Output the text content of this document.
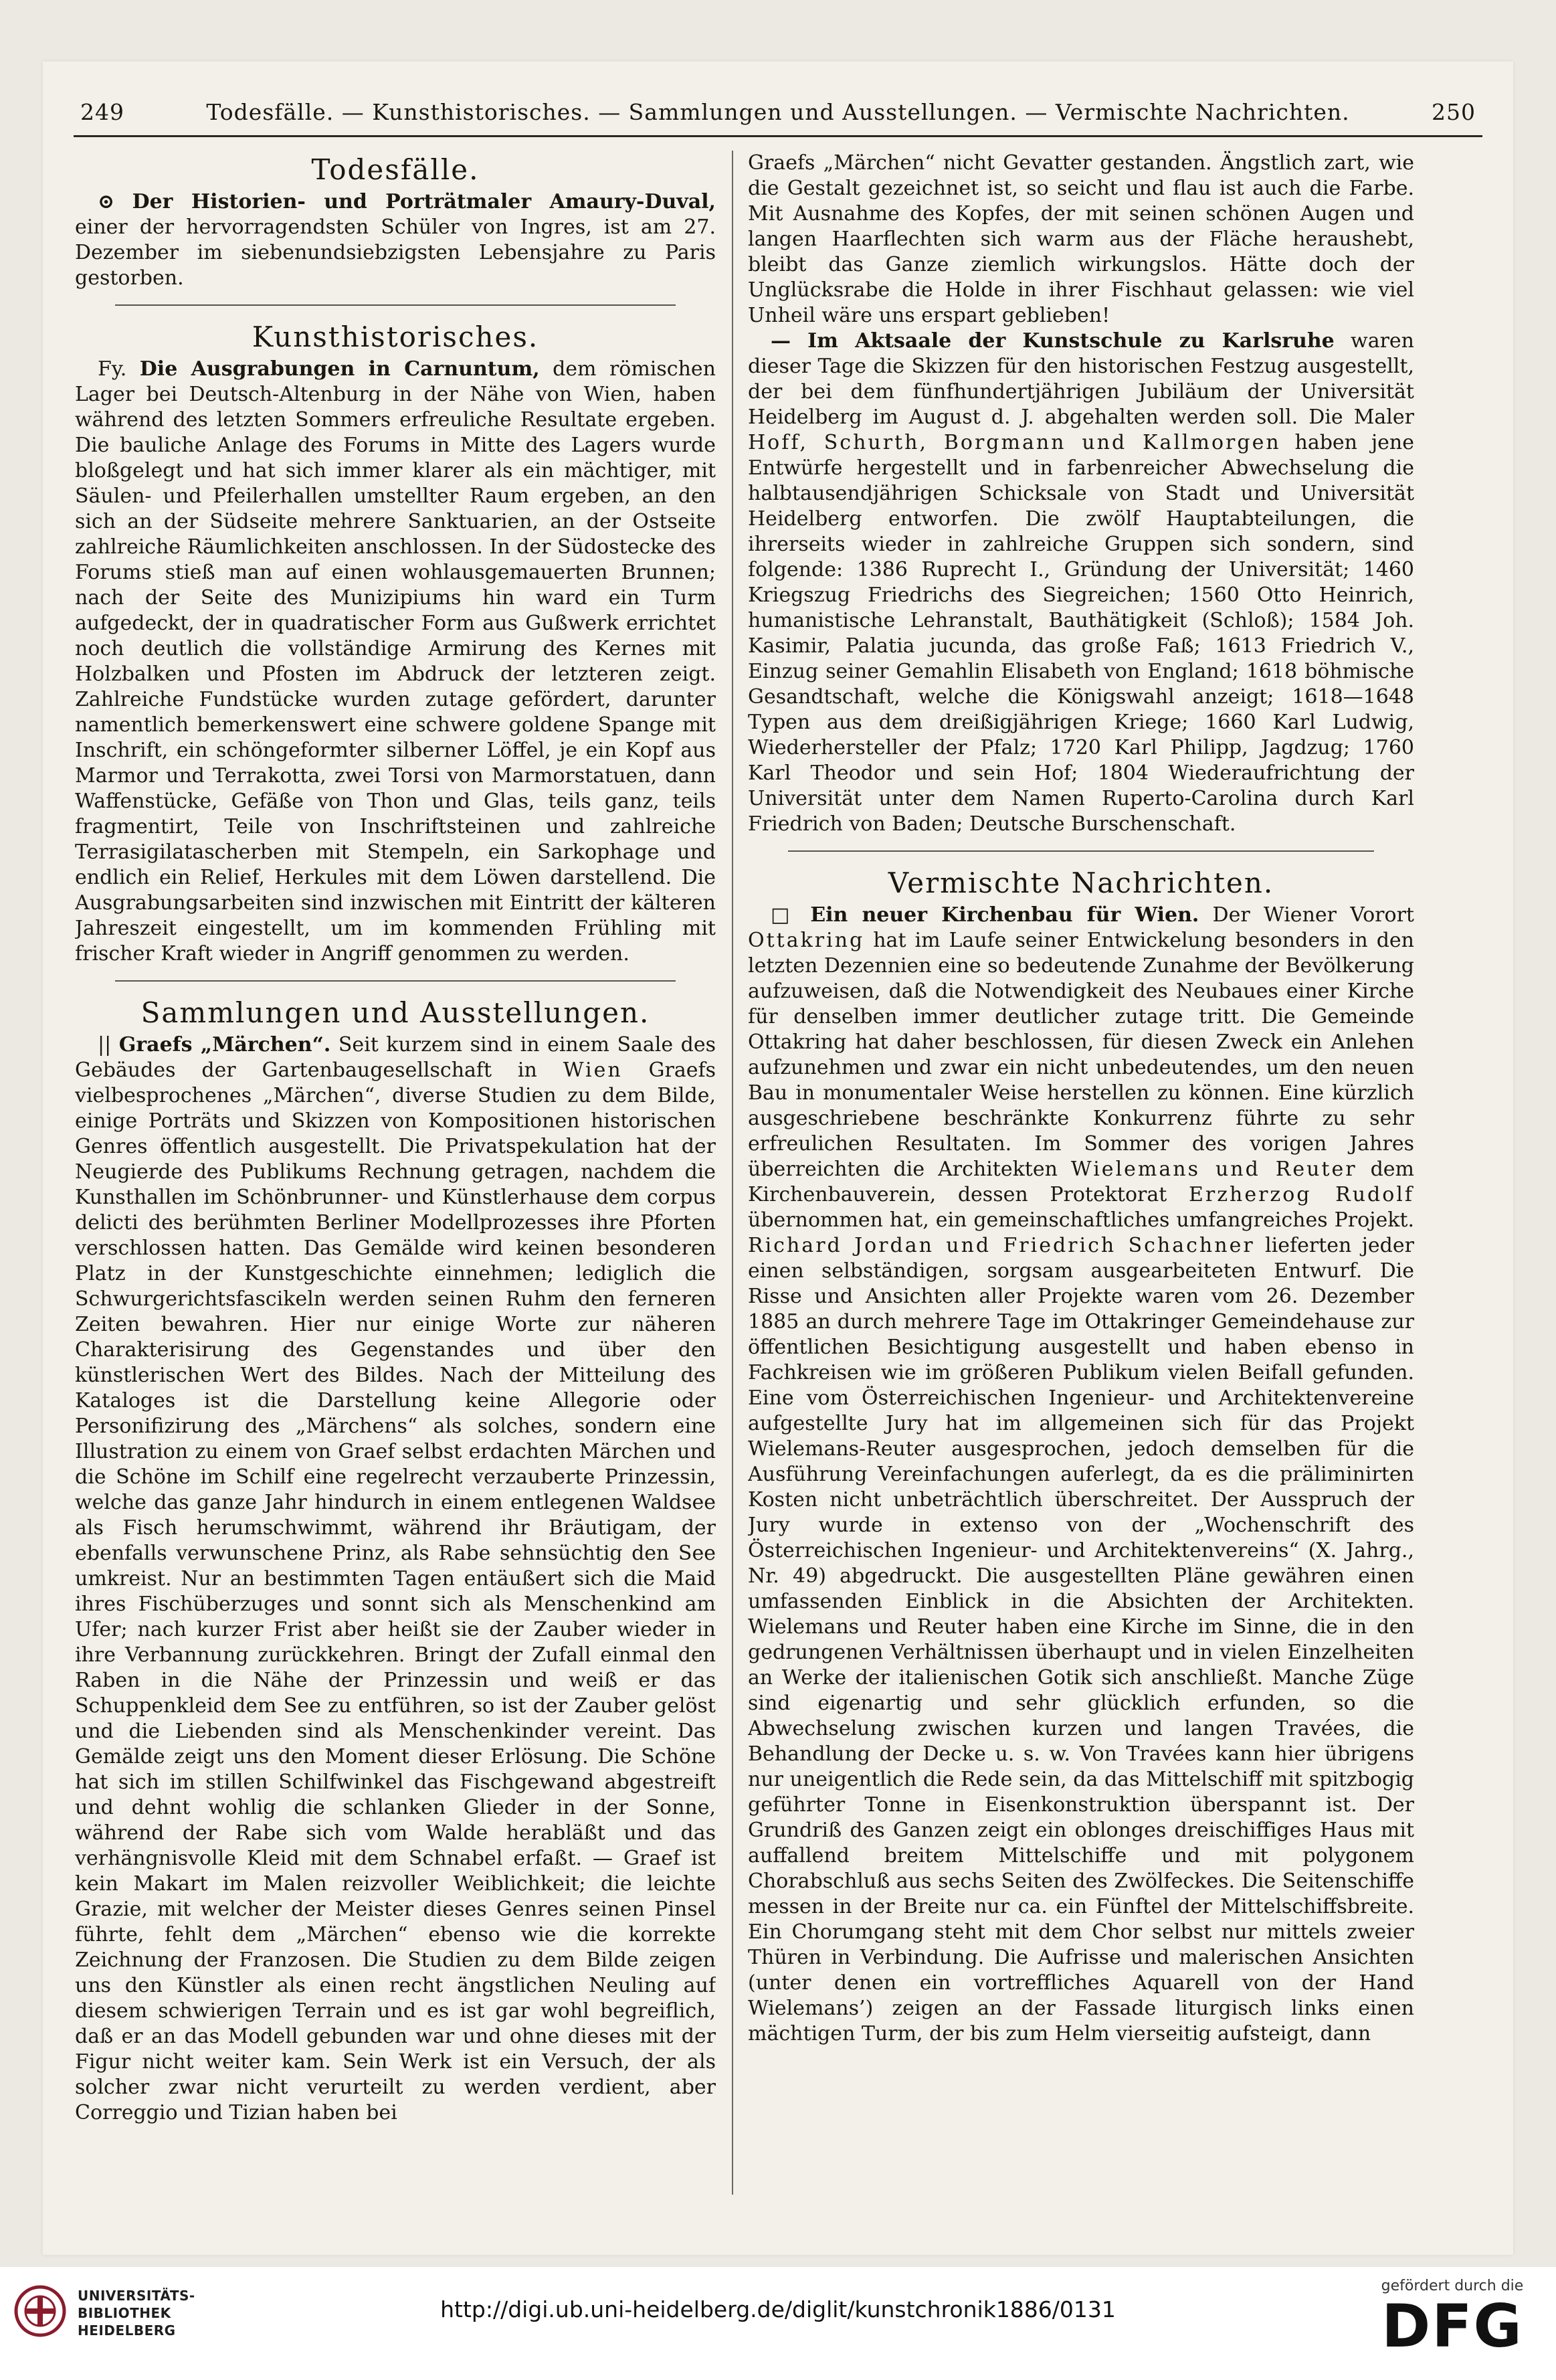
249	Todesfälle. — Kunsthistorisches. — Sammlungen und Ausstellungen. — Vermischte Nachrichten.	250
Todesfälle.

⊙ Der Historien- und Porträtmaler Amaury-Duval, einer der hervorragendsten Schüler von Ingres, ist am 27. Dezember im siebenundsiebzigsten Lebensjahre zu Paris gestorben.

Kunsthistorisches.

Fy. Die Ausgrabungen in Carnuntum, dem römischen Lager bei Deutsch-Altenburg in der Nähe von Wien, haben während des letzten Sommers erfreuliche Resultate ergeben. Die bauliche Anlage des Forums in Mitte des Lagers wurde bloßgelegt und hat sich immer klarer als ein mächtiger, mit Säulen- und Pfeilerhallen umstellter Raum ergeben, an den sich an der Südseite mehrere Sanktuarien, an der Ostseite zahlreiche Räumlichkeiten anschlossen. In der Südostecke des Forums stieß man auf einen wohlausgemauerten Brunnen; nach der Seite des Munizipiums hin ward ein Turm aufgedeckt, der in quadratischer Form aus Gußwerk errichtet noch deutlich die vollständige Armirung des Kernes mit Holzbalken und Pfosten im Abdruck der letzteren zeigt. Zahlreiche Fundstücke wurden zutage gefördert, darunter namentlich bemerkenswert eine schwere goldene Spange mit Inschrift, ein schöngeformter silberner Löffel, je ein Kopf aus Marmor und Terrakotta, zwei Torsi von Marmorstatuen, dann Waffenstücke, Gefäße von Thon und Glas, teils ganz, teils fragmentirt, Teile von Inschriftsteinen und zahlreiche Terrasigilatascherben mit Stempeln, ein Sarkophage und endlich ein Relief, Herkules mit dem Löwen darstellend. Die Ausgrabungsarbeiten sind inzwischen mit Eintritt der kälteren Jahreszeit eingestellt, um im kommenden Frühling mit frischer Kraft wieder in Angriff genommen zu werden.

Sammlungen und Ausstellungen.

|| Graefs „Märchen“. Seit kurzem sind in einem Saale des Gebäudes der Gartenbaugesellschaft in Wien Graefs vielbesprochenes „Märchen“, diverse Studien zu dem Bilde, einige Porträts und Skizzen von Kompositionen historischen Genres öffentlich ausgestellt. Die Privatspekulation hat der Neugierde des Publikums Rechnung getragen, nachdem die Kunsthallen im Schönbrunner- und Künstlerhause dem corpus delicti des berühmten Berliner Modellprozesses ihre Pforten verschlossen hatten. Das Gemälde wird keinen besonderen Platz in der Kunstgeschichte einnehmen; lediglich die Schwurgerichtsfascikeln werden seinen Ruhm den ferneren Zeiten bewahren. Hier nur einige Worte zur näheren Charakterisirung des Gegenstandes und über den künstlerischen Wert des Bildes. Nach der Mitteilung des Kataloges ist die Darstellung keine Allegorie oder Personifizirung des „Märchens“ als solches, sondern eine Illustration zu einem von Graef selbst erdachten Märchen und die Schöne im Schilf eine regelrecht verzauberte Prinzessin, welche das ganze Jahr hindurch in einem entlegenen Waldsee als Fisch herumschwimmt, während ihr Bräutigam, der ebenfalls verwunschene Prinz, als Rabe sehnsüchtig den See umkreist. Nur an bestimmten Tagen entäußert sich die Maid ihres Fischüberzuges und sonnt sich als Menschenkind am Ufer; nach kurzer Frist aber heißt sie der Zauber wieder in ihre Verbannung zurückkehren. Bringt der Zufall einmal den Raben in die Nähe der Prinzessin und weiß er das Schuppenkleid dem See zu entführen, so ist der Zauber gelöst und die Liebenden sind als Menschenkinder vereint. Das Gemälde zeigt uns den Moment dieser Erlösung. Die Schöne hat sich im stillen Schilfwinkel das Fischgewand abgestreift und dehnt wohlig die schlanken Glieder in der Sonne, während der Rabe sich vom Walde herabläßt und das verhängnisvolle Kleid mit dem Schnabel erfaßt. — Graef ist kein Makart im Malen reizvoller Weiblichkeit; die leichte Grazie, mit welcher der Meister dieses Genres seinen Pinsel führte, fehlt dem „Märchen“ ebenso wie die korrekte Zeichnung der Franzosen. Die Studien zu dem Bilde zeigen uns den Künstler als einen recht ängstlichen Neuling auf diesem schwierigen Terrain und es ist gar wohl begreiflich, daß er an das Modell gebunden war und ohne dieses mit der Figur nicht weiter kam. Sein Werk ist ein Versuch, der als solcher zwar nicht verurteilt zu werden verdient, aber Correggio und Tizian haben bei

Graefs „Märchen“ nicht Gevatter gestanden. Ängstlich zart, wie die Gestalt gezeichnet ist, so seicht und flau ist auch die Farbe. Mit Ausnahme des Kopfes, der mit seinen schönen Augen und langen Haarflechten sich warm aus der Fläche heraushebt, bleibt das Ganze ziemlich wirkungslos. Hätte doch der Unglücksrabe die Holde in ihrer Fischhaut gelassen: wie viel Unheil wäre uns erspart geblieben!

— Im Aktsaale der Kunstschule zu Karlsruhe waren dieser Tage die Skizzen für den historischen Festzug ausgestellt, der bei dem fünfhundertjährigen Jubiläum der Universität Heidelberg im August d. J. abgehalten werden soll. Die Maler Hoff, Schurth, Borgmann und Kallmorgen haben jene Entwürfe hergestellt und in farbenreicher Abwechselung die halbtausendjährigen Schicksale von Stadt und Universität Heidelberg entworfen. Die zwölf Hauptabteilungen, die ihrerseits wieder in zahlreiche Gruppen sich sondern, sind folgende: 1386 Ruprecht I., Gründung der Universität; 1460 Kriegszug Friedrichs des Siegreichen; 1560 Otto Heinrich, humanistische Lehranstalt, Bauthätigkeit (Schloß); 1584 Joh. Kasimir, Palatia jucunda, das große Faß; 1613 Friedrich V., Einzug seiner Gemahlin Elisabeth von England; 1618 böhmische Gesandtschaft, welche die Königswahl anzeigt; 1618—1648 Typen aus dem dreißigjährigen Kriege; 1660 Karl Ludwig, Wiederhersteller der Pfalz; 1720 Karl Philipp, Jagdzug; 1760 Karl Theodor und sein Hof; 1804 Wiederaufrichtung der Universität unter dem Namen Ruperto-Carolina durch Karl Friedrich von Baden; Deutsche Burschenschaft.

Vermischte Nachrichten.

□ Ein neuer Kirchenbau für Wien. Der Wiener Vorort Ottakring hat im Laufe seiner Entwickelung besonders in den letzten Dezennien eine so bedeutende Zunahme der Bevölkerung aufzuweisen, daß die Notwendigkeit des Neubaues einer Kirche für denselben immer deutlicher zutage tritt. Die Gemeinde Ottakring hat daher beschlossen, für diesen Zweck ein Anlehen aufzunehmen und zwar ein nicht unbedeutendes, um den neuen Bau in monumentaler Weise herstellen zu können. Eine kürzlich ausgeschriebene beschränkte Konkurrenz führte zu sehr erfreulichen Resultaten. Im Sommer des vorigen Jahres überreichten die Architekten Wielemans und Reuter dem Kirchenbauverein, dessen Protektorat Erzherzog Rudolf übernommen hat, ein gemeinschaftliches umfangreiches Projekt. Richard Jordan und Friedrich Schachner lieferten jeder einen selbständigen, sorgsam ausgearbeiteten Entwurf. Die Risse und Ansichten aller Projekte waren vom 26. Dezember 1885 an durch mehrere Tage im Ottakringer Gemeindehause zur öffentlichen Besichtigung ausgestellt und haben ebenso in Fachkreisen wie im größeren Publikum vielen Beifall gefunden. Eine vom Österreichischen Ingenieur- und Architektenvereine aufgestellte Jury hat im allgemeinen sich für das Projekt Wielemans-Reuter ausgesprochen, jedoch demselben für die Ausführung Vereinfachungen auferlegt, da es die präliminirten Kosten nicht unbeträchtlich überschreitet. Der Ausspruch der Jury wurde in extenso von der „Wochenschrift des Österreichischen Ingenieur- und Architektenvereins“ (X. Jahrg., Nr. 49) abgedruckt. Die ausgestellten Pläne gewähren einen umfassenden Einblick in die Absichten der Architekten. Wielemans und Reuter haben eine Kirche im Sinne, die in den gedrungenen Verhältnissen überhaupt und in vielen Einzelheiten an Werke der italienischen Gotik sich anschließt. Manche Züge sind eigenartig und sehr glücklich erfunden, so die Abwechselung zwischen kurzen und langen Travées, die Behandlung der Decke u. s. w. Von Travées kann hier übrigens nur uneigentlich die Rede sein, da das Mittelschiff mit spitzbogig geführter Tonne in Eisenkonstruktion überspannt ist. Der Grundriß des Ganzen zeigt ein oblonges dreischiffiges Haus mit auffallend breitem Mittelschiffe und mit polygonem Chorabschluß aus sechs Seiten des Zwölfeckes. Die Seitenschiffe messen in der Breite nur ca. ein Fünftel der Mittelschiffsbreite. Ein Chorumgang steht mit dem Chor selbst nur mittels zweier Thüren in Verbindung. Die Aufrisse und malerischen Ansichten (unter denen ein vortreffliches Aquarell von der Hand Wielemans’) zeigen an der Fassade liturgisch links einen mächtigen Turm, der bis zum Helm vierseitig aufsteigt, dann

UNIVERSITÄTS-
BIBLIOTHEK
HEIDELBERG
http://digi.ub.uni-heidelberg.de/diglit/kunstchronik1886/0131
gefördert durch die
DFG
